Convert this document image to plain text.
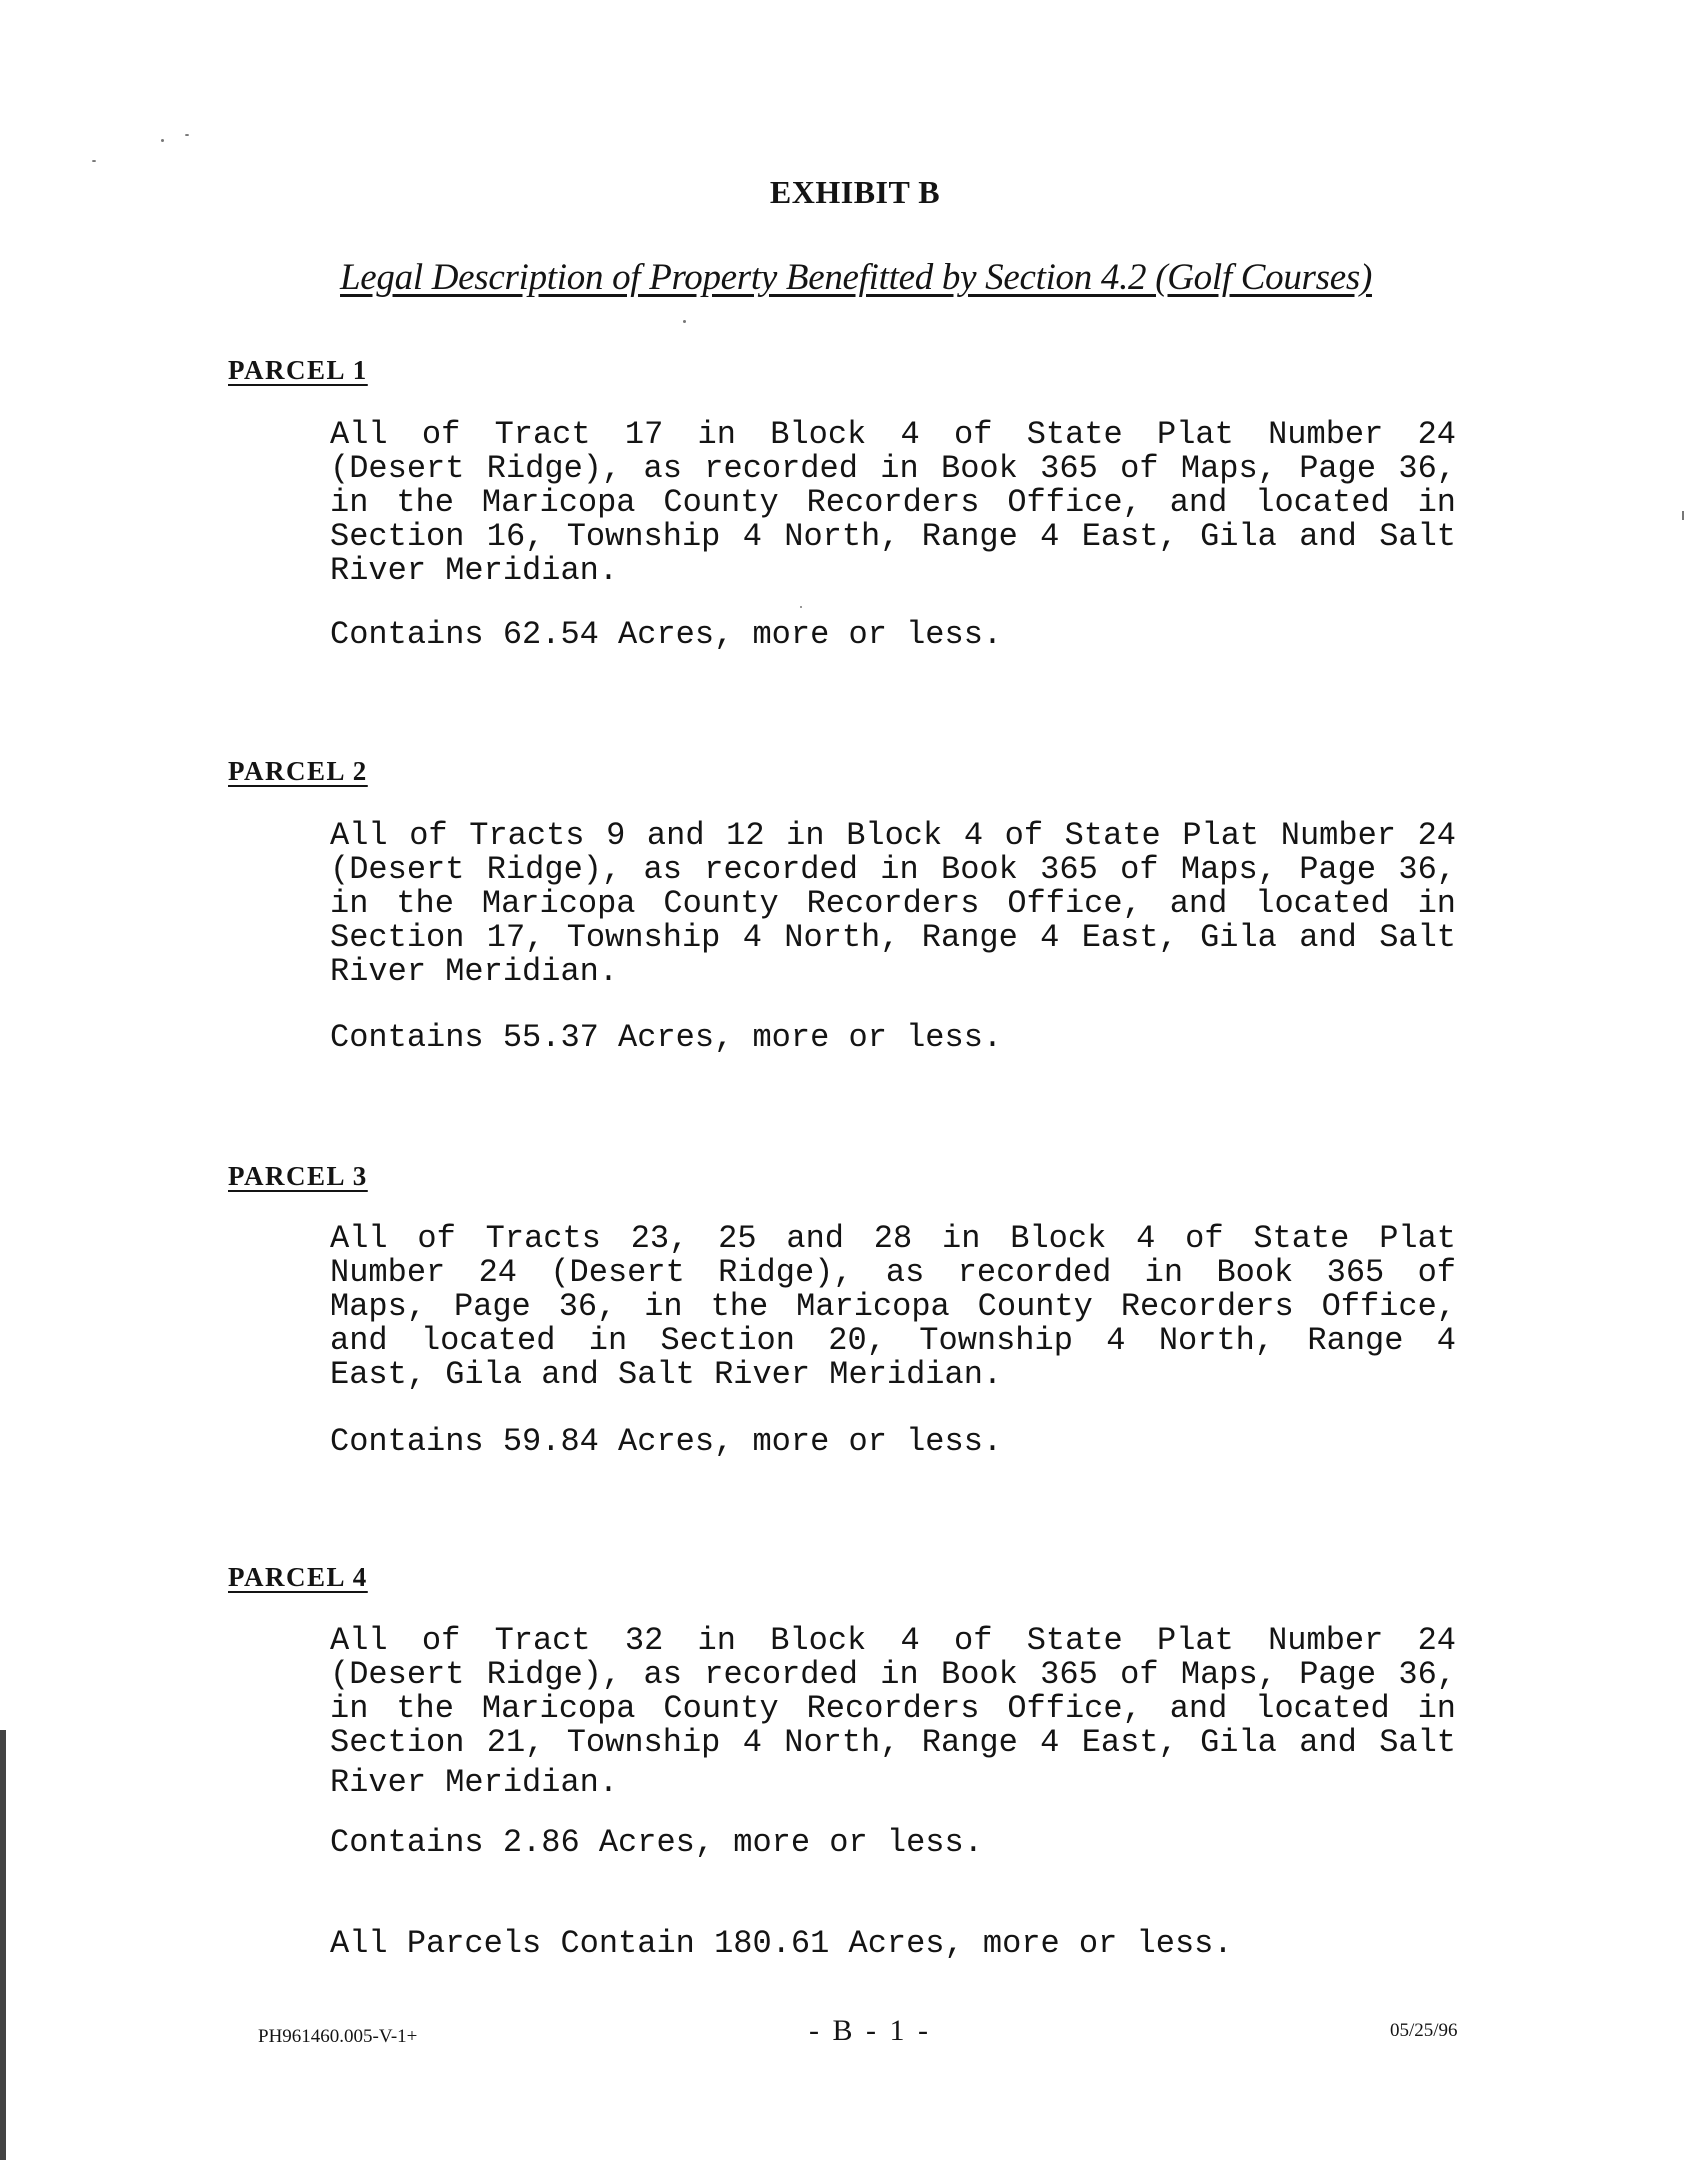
EXHIBIT B
Legal Description of Property Benefitted by Section 4.2 (Golf Courses)
PARCEL 1

All of Tract 17 in Block 4 of State Plat Number 24

(Desert Ridge), as recorded in Book 365 of Maps, Page 36,

in the Maricopa County Recorders Office, and located in

Section 16, Township 4 North, Range 4 East, Gila and Salt

River Meridian.

Contains 62.54 Acres, more or less.
PARCEL 2

All of Tracts 9 and 12 in Block 4 of State Plat Number 24

(Desert Ridge), as recorded in Book 365 of Maps, Page 36,

in the Maricopa County Recorders Office, and located in

Section 17, Township 4 North, Range 4 East, Gila and Salt

River Meridian.

Contains 55.37 Acres, more or less.
PARCEL 3

All of Tracts 23, 25 and 28 in Block 4 of State Plat

Number 24 (Desert Ridge), as recorded in Book 365 of

Maps, Page 36, in the Maricopa County Recorders Office,

and located in Section 20, Township 4 North, Range 4

East, Gila and Salt River Meridian.

Contains 59.84 Acres, more or less.
PARCEL 4

All of Tract 32 in Block 4 of State Plat Number 24

(Desert Ridge), as recorded in Book 365 of Maps, Page 36,

in the Maricopa County Recorders Office, and located in

Section 21, Township 4 North, Range 4 East, Gila and Salt

River Meridian.

Contains 2.86 Acres, more or less.
All Parcels Contain 180.61 Acres, more or less.
PH961460.005-V-1+	- B - 1 -	05/25/96
